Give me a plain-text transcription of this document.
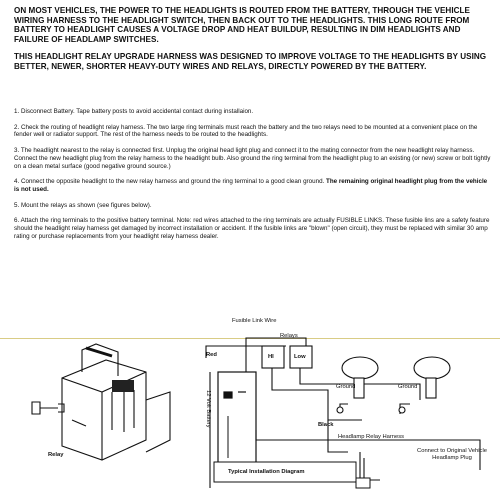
ON MOST VEHICLES, THE POWER TO THE HEADLIGHTS IS ROUTED FROM THE BATTERY, THROUGH THE VEHICLE WIRING HARNESS TO THE HEADLIGHT SWITCH, THEN BACK OUT TO THE HEADLIGHTS. THIS LONG ROUTE FROM BATTERY TO HEADLIGHT CAUSES A VOLTAGE DROP AND HEAT BUILDUP, RESULTING IN DIM HEADLIGHTS AND FAILURE OF HEADLAMP SWITCHES.

THIS HEADLIGHT RELAY UPGRADE HARNESS WAS DESIGNED TO IMPROVE VOLTAGE TO THE HEADLIGHTS BY USING BETTER, NEWER, SHORTER HEAVY-DUTY WIRES AND RELAYS, DIRECTLY POWERED BY THE BATTERY.

1. Disconnect Battery. Tape battery posts to avoid accidental contact during installaion.

2. Check the routing of headlight relay harness. The two large ring terminals must reach the battery and the two relays need to be mounted at a convenient place on the fender well or radiator support. The rest of the harness needs to be routed to the headlights.

3. The headlight nearest to the relay is connected first. Unplug the original head light plug and connect it to the mating connector from the new headlight relay harness. Connect the new headlight plug from the relay harness to the headlight bulb. Also ground the ring terminal from the headlight plug to an existing (or new) screw or bolt tightly on a clean metal surface (good negative ground source.)

4. Connect the opposite headlight to the new relay harness and ground the ring terminal to a good clean ground. The remaining original headlight plug from the vehicle is not used.

5. Mount the relays as shown (see figures below).

6. Attach the ring terminals to the positive battery terminal. Note: red wires attached to the ring terminals are actually FUSIBLE LINKS. These fusible lins are a safety feature should the headlight relay harness get damaged by incorrect installation or accident. If the fusible links are "blown" (open circuit), they must be replaced with similar 30 amp rating or purchase replacements from your headlight relay harness dealer.

Fusible Link Wire
Relays
HI	Low
Red
12 Volt Battery
Ground	Ground
Black
Headlamp Relay Harness
Connect to Original Vehicle Headlamp Plug
Typical Installation Diagram
Relay
